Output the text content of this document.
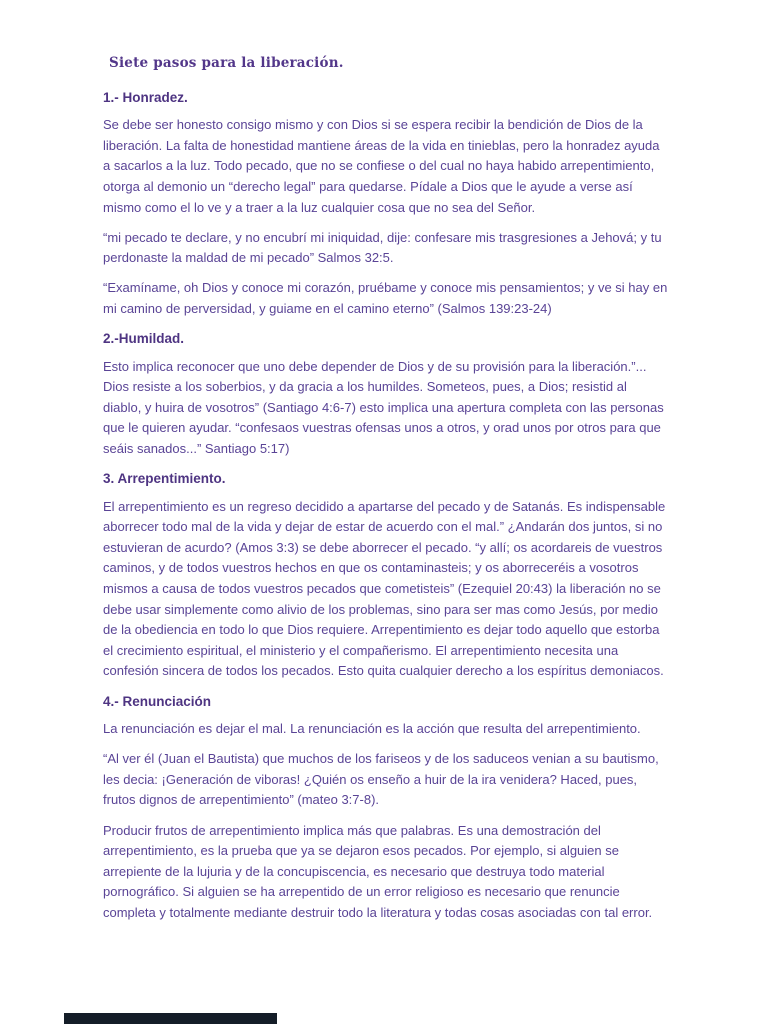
Siete pasos para la liberación.
1.- Honradez.

Se debe ser honesto consigo mismo y con Dios si se espera recibir la bendición de Dios de la liberación. La falta de honestidad mantiene áreas de la vida en tinieblas, pero la honradez ayuda a sacarlos a la luz. Todo pecado, que no se confiese o del cual no haya habido arrepentimiento, otorga al demonio un “derecho legal” para quedarse. Pídale a Dios que le ayude a verse así mismo como el lo ve y a traer a la luz cualquier cosa que no sea del Señor.

“mi pecado te declare, y no encubrí mi iniquidad, dije: confesare mis trasgresiones a Jehová; y tu perdonaste la maldad de mi pecado” Salmos 32:5.

“Examíname, oh Dios y conoce mi corazón, pruébame y conoce mis pensamientos; y ve si hay en mi camino de perversidad, y guiame en el camino eterno” (Salmos 139:23-24)

2.-Humildad.

Esto implica reconocer que uno debe depender de Dios y de su provisión para la liberación.”... Dios resiste a los soberbios, y da gracia a los humildes. Someteos, pues, a Dios; resistid al diablo, y huira de vosotros” (Santiago 4:6-7) esto implica una apertura completa con las personas que le quieren ayudar. “confesaos vuestras ofensas unos a otros, y orad unos por otros para que seáis sanados...” Santiago 5:17)

3. Arrepentimiento.

El arrepentimiento es un regreso decidido a apartarse del pecado y de Satanás. Es indispensable aborrecer todo mal de la vida y dejar de estar de acuerdo con el mal.” ¿Andarán dos juntos, si no estuvieran de acurdo? (Amos 3:3) se debe aborrecer el pecado. “y allí; os acordareis de vuestros caminos, y de todos vuestros hechos en que os contaminasteis; y os aborreceréis a vosotros mismos a causa de todos vuestros pecados que cometisteis” (Ezequiel 20:43) la liberación no se debe usar simplemente como alivio de los problemas, sino para ser mas como Jesús, por medio de la obediencia en todo lo que Dios requiere. Arrepentimiento es dejar todo aquello que estorba el crecimiento espiritual, el ministerio y el compañerismo. El arrepentimiento necesita una confesión sincera de todos los pecados. Esto quita cualquier derecho a los espíritus demoniacos.

4.- Renunciación

La renunciación es dejar el mal. La renunciación es la acción que resulta del arrepentimiento.

“Al ver él (Juan el Bautista) que muchos de los fariseos y de los saduceos venian a su bautismo, les decia: ¡Generación de viboras! ¿Quién os enseño a huir de la ira venidera? Haced, pues, frutos dignos de arrepentimiento” (mateo 3:7-8).

Producir frutos de arrepentimiento implica más que palabras. Es una demostración del arrepentimiento, es la prueba que ya se dejaron esos pecados. Por ejemplo, si alguien se arrepiente de la lujuria y de la concupiscencia, es necesario que destruya todo material pornográfico. Si alguien se ha arrepentido de un error religioso es necesario que renuncie completa y totalmente mediante destruir todo la literatura y todas cosas asociadas con tal error.
